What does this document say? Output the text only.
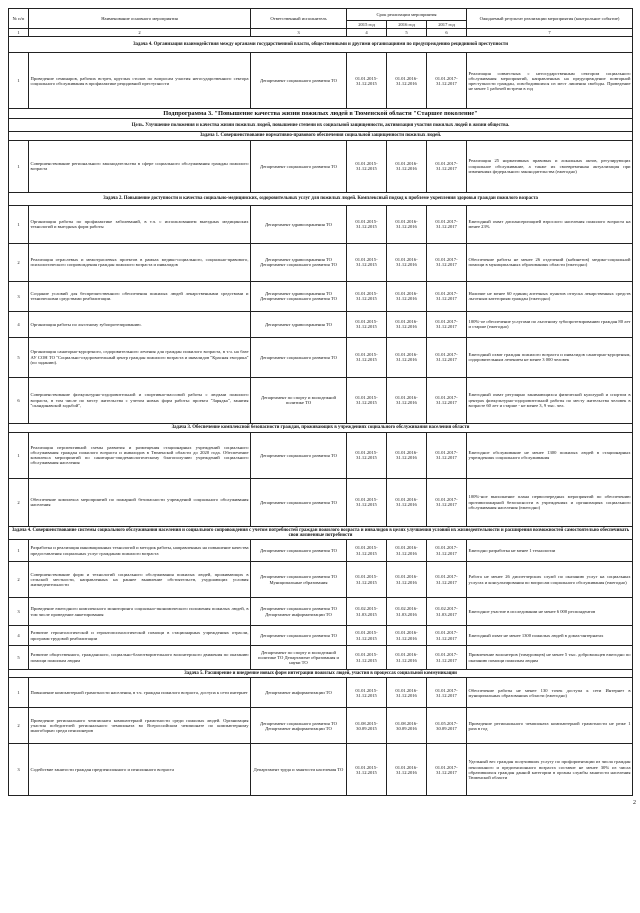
№ п/п	Наименование основного мероприятия	Ответственный исполнитель	Срок реализации мероприятия			Ожидаемый результат реализации мероприятия (контрольное событие)
			2015 год	2016 год	2017 год	
1	2	3	4	5	6	7
Задача 4. Организация взаимодействия между органами государственной власти, общественными и другими организациями по предупреждению рецидивной преступности						
1	Проведение семинаров, рабочих встреч, круглых столов по вопросам участия негосударственного сектора социального обслуживания в профилактике рецидивной преступности	Департамент социального развития ТО	01.01.2015-31.12.2015	01.01.2016-31.12.2016	01.01.2017-31.12.2017	Реализация совместных с негосударственным сектором социального обслуживания мероприятий, направленных на предупреждение повторной преступности граждан, освободившихся из мест лишения свободы. Проведение не менее 1 рабочей встречи в год
Подпрограмма 3. "Повышение качества жизни пожилых людей в Тюменской области "Старшее поколение"						
Цель. Улучшение положения и качества жизни пожилых людей, повышение степени их социальной защищенности, активизация участия пожилых людей в жизни общества.						
Задача 1. Совершенствование нормативно-правового обеспечения социальной защищенности пожилых людей.						
1	Совершенствование регионального законодательства в сфере социального обслуживания граждан пожилого возраста	Департамент социального развития ТО	01.01.2015-31.12.2015	01.01.2016-31.12.2016	01.01.2017-31.12.2017	Реализация 25 нормативных правовых и локальных актов, регулирующих социальное обслуживание, а также их своевременная актуализация при изменениях федерального законодательства (ежегодно)
Задача 2. Повышение доступности и качества социально-медицинских, оздоровительных услуг для пожилых людей. Комплексный подход к проблеме укрепления здоровья граждан пожилого возраста						
1	Организация работы по профилактике заболеваний, в т.ч. с использованием выездных медицинских технологий и выездных форм работы	Департамент здравоохранения ТО	01.01.2015-31.12.2015	01.01.2016-31.12.2016	01.01.2017-31.12.2017	Ежегодный охват диспансеризацией взрослого населения пожилого возраста на менее 23%
2	Реализация отраслевых и межотраслевых проектов в рамках медико-социального, социально-правового, психологического сопровождения граждан пожилого возраста и инвалидов	Департамент здравоохранения ТО Департамент социального развития ТО	01.01.2015-31.12.2015	01.01.2016-31.12.2016	01.01.2017-31.12.2017	Обеспечение работы не менее 26 отделений (кабинетов) медико-социальной помощи в муниципальных образованиях области (ежегодно)
3	Создание условий для беспрепятственного обеспечения пожилых людей лекарственными средствами и техническими средствами реабилитации.	Департамент здравоохранения ТО Департамент социального развития ТО	01.01.2015-31.12.2015	01.01.2016-31.12.2016	01.01.2017-31.12.2017	Наличие не менее 60 единиц аптечных пунктов отпуска лекарственных средств льготным категориям граждан (ежегодно)
4	Организация работы по льготному зубопротезированию.	Департамент здравоохранения ТО	01.01.2015-31.12.2015	01.01.2016-31.12.2016	01.01.2017-31.12.2017	100%-ое обеспечение услугами по льготному зубопротезированию граждан 80 лет и старше (ежегодно)
5	Организация санаторно-курортного, оздоровительного лечения для граждан пожилого возраста, в т.ч. на базе АУ СОН ТО "Социально-оздоровительный центр граждан пожилого возраста и инвалидов "Красная гвоздика" (по заданию).	Департамент социального развития ТО	01.01.2015-31.12.2015	01.01.2016-31.12.2016	01.01.2017-31.12.2017	Ежегодный охват граждан пожилого возраста и инвалидов санаторно-курортным, оздоровительным лечением не менее 3 000 человек
6	Совершенствование физкультурно-оздоровительной и спортивно-массовой работы с людьми пожилого возраста, в том числе по месту жительства с учетом новых форм работы: проекта "Зарядка", занятия "скандинавской ходьбой",	Департамент по спорту и молодежной политике ТО	01.01.2015-31.12.2015	01.01.2016-31.12.2016	01.01.2017-31.12.2017	Ежегодный охват регулярно занимающихся физической культурой и спортом в центрах физкультурно-оздоровительной работы по месту жительства человек в возрасте 60 лет и старше - не менее 3, 9 тыс. чел.
Задача 3. Обеспечение комплексной безопасности граждан, проживающих в учреждениях социального обслуживания населения области						
1	Реализация перспективной схемы развития и размещения стационарных учреждений социального обслуживания граждан пожилого возраста и инвалидов в Тюменской области до 2020 года. Обеспечение комплекса мероприятий по санитарно-эпидемиологическому благополучию учреждений социального обслуживания населения	Департамент социального развития ТО	01.01.2015-31.12.2015	01.01.2016-31.12.2016	01.01.2017-31.12.2017	Ежегодное обслуживание не менее 1300 пожилых людей в стационарных учреждениях социального обслуживания
2	Обеспечение комплекса мероприятий по пожарной безопасности учреждений социального обслуживания населения	Департамент социального развития ТО	01.01.2015-31.12.2015	01.01.2016-31.12.2016	01.01.2017-31.12.2017	100%-ное выполнение плана первоочередных мероприятий по обеспечению противопожарной безопасности в учреждениях и организациях социального обслуживания населения (ежегодно)
Задача 4. Совершенствование системы социального обслуживания населения и социального сопровождения с учетом потребностей граждан пожилого возраста и инвалидов в целях улучшения условий их жизнедеятельности и расширения возможностей самостоятельно обеспечивать свои жизненные потребности						
1	Разработка и реализация инновационных технологий и методик работы, направленных на повышение качества предоставления социальных услуг гражданам пожилого возраста	Департамент социального развития ТО	01.01.2015-31.12.2015	01.01.2016-31.12.2016	01.01.2017-31.12.2017	Ежегодно разработка не менее 1 технологии
2	Совершенствование форм и технологий социального обслуживания пожилых людей, проживающих в сельской местности, направленных на раннее выявление обстоятельств, ухудшающих условия жизнедеятельности	Департамент социального развития ТО Муниципальные образования	01.01.2015-31.12.2015	01.01.2016-31.12.2016	01.01.2017-31.12.2017	Работа не менее 26 диспетчерских служб по оказанию услуг на социальных услугах и консультирования по вопросам социального обслуживания (ежегодно)
3	Проведение ежегодного комплексного мониторинга социально-экономического положения пожилых людей, в том числе проведение анкетирования	Департамент социального развития ТО Департамент информатизации ТО	01.02.2015-31.03.2015	01.02.2016-31.03.2016	01.02.2017-31.03.2017	Ежегодное участие в исследовании не менее 6 000 респондентов
4	Развитие геронтологической и геронтопсихологической помощи в стационарных учреждениях отрасли, программ трудовой реабилитации	Департамент социального развития ТО	01.01.2015-31.12.2015	01.01.2016-31.12.2016	01.01.2017-31.12.2017	Ежегодный охват не менее 1300 пожилых людей в домах-интернатах
5	Развитие общественного, гражданского, социально-благотворительного волонтерского движения по оказанию помощи пожилым людям	Департамент по спорту и молодежной политике ТО Департамент образования и науки ТО	01.01.2015-31.12.2015	01.01.2016-31.12.2016	01.01.2017-31.12.2017	Привлечение волонтеров (тимуровцев) не менее 5 тыс. добровольцев ежегодно по оказанию помощи пожилым людям
Задача 5. Расширение и внедрение новых форм интеграции пожилых людей, участия в процессах социальной коммуникации						
1	Повышение компьютерной грамотности населения, в т.ч. граждан пожилого возраста, доступа к сети интернет	Департамент информатизации ТО	01.01.2015-31.12.2015	01.01.2016-31.12.2016	01.01.2017-31.12.2017	Обеспечение работы не менее 130 точек доступа к сети Интернет в муниципальных образованиях области (ежегодно)
2	Проведение регионального чемпионата компьютерной грамотности среди пожилых людей. Организация участия победителей регионального чемпионата во Всероссийском чемпионате по компьютерному многоборью среди пенсионеров	Департамент социального развития ТО Департамент информатизации ТО	01.08.2015-30.09.2015	01.08.2016-30.09.2016	01.05.2017-30.09.2017	Проведение регионального чемпионата компьютерной грамотности не реже 1 раза в год
3	Содействие занятости граждан предпенсионного и пенсионного возраста	Департамент труда и занятости населения ТО	01.01.2015-31.12.2015	01.01.2016-31.12.2016	01.01.2017-31.12.2017	Удельный вес граждан получивших услугу по профориентации из числа граждан пенсионного и предпенсионного возраста составит не менее 30% из числа обратившихся граждан данной категории в органы службы занятости населения Тюменской области
2
